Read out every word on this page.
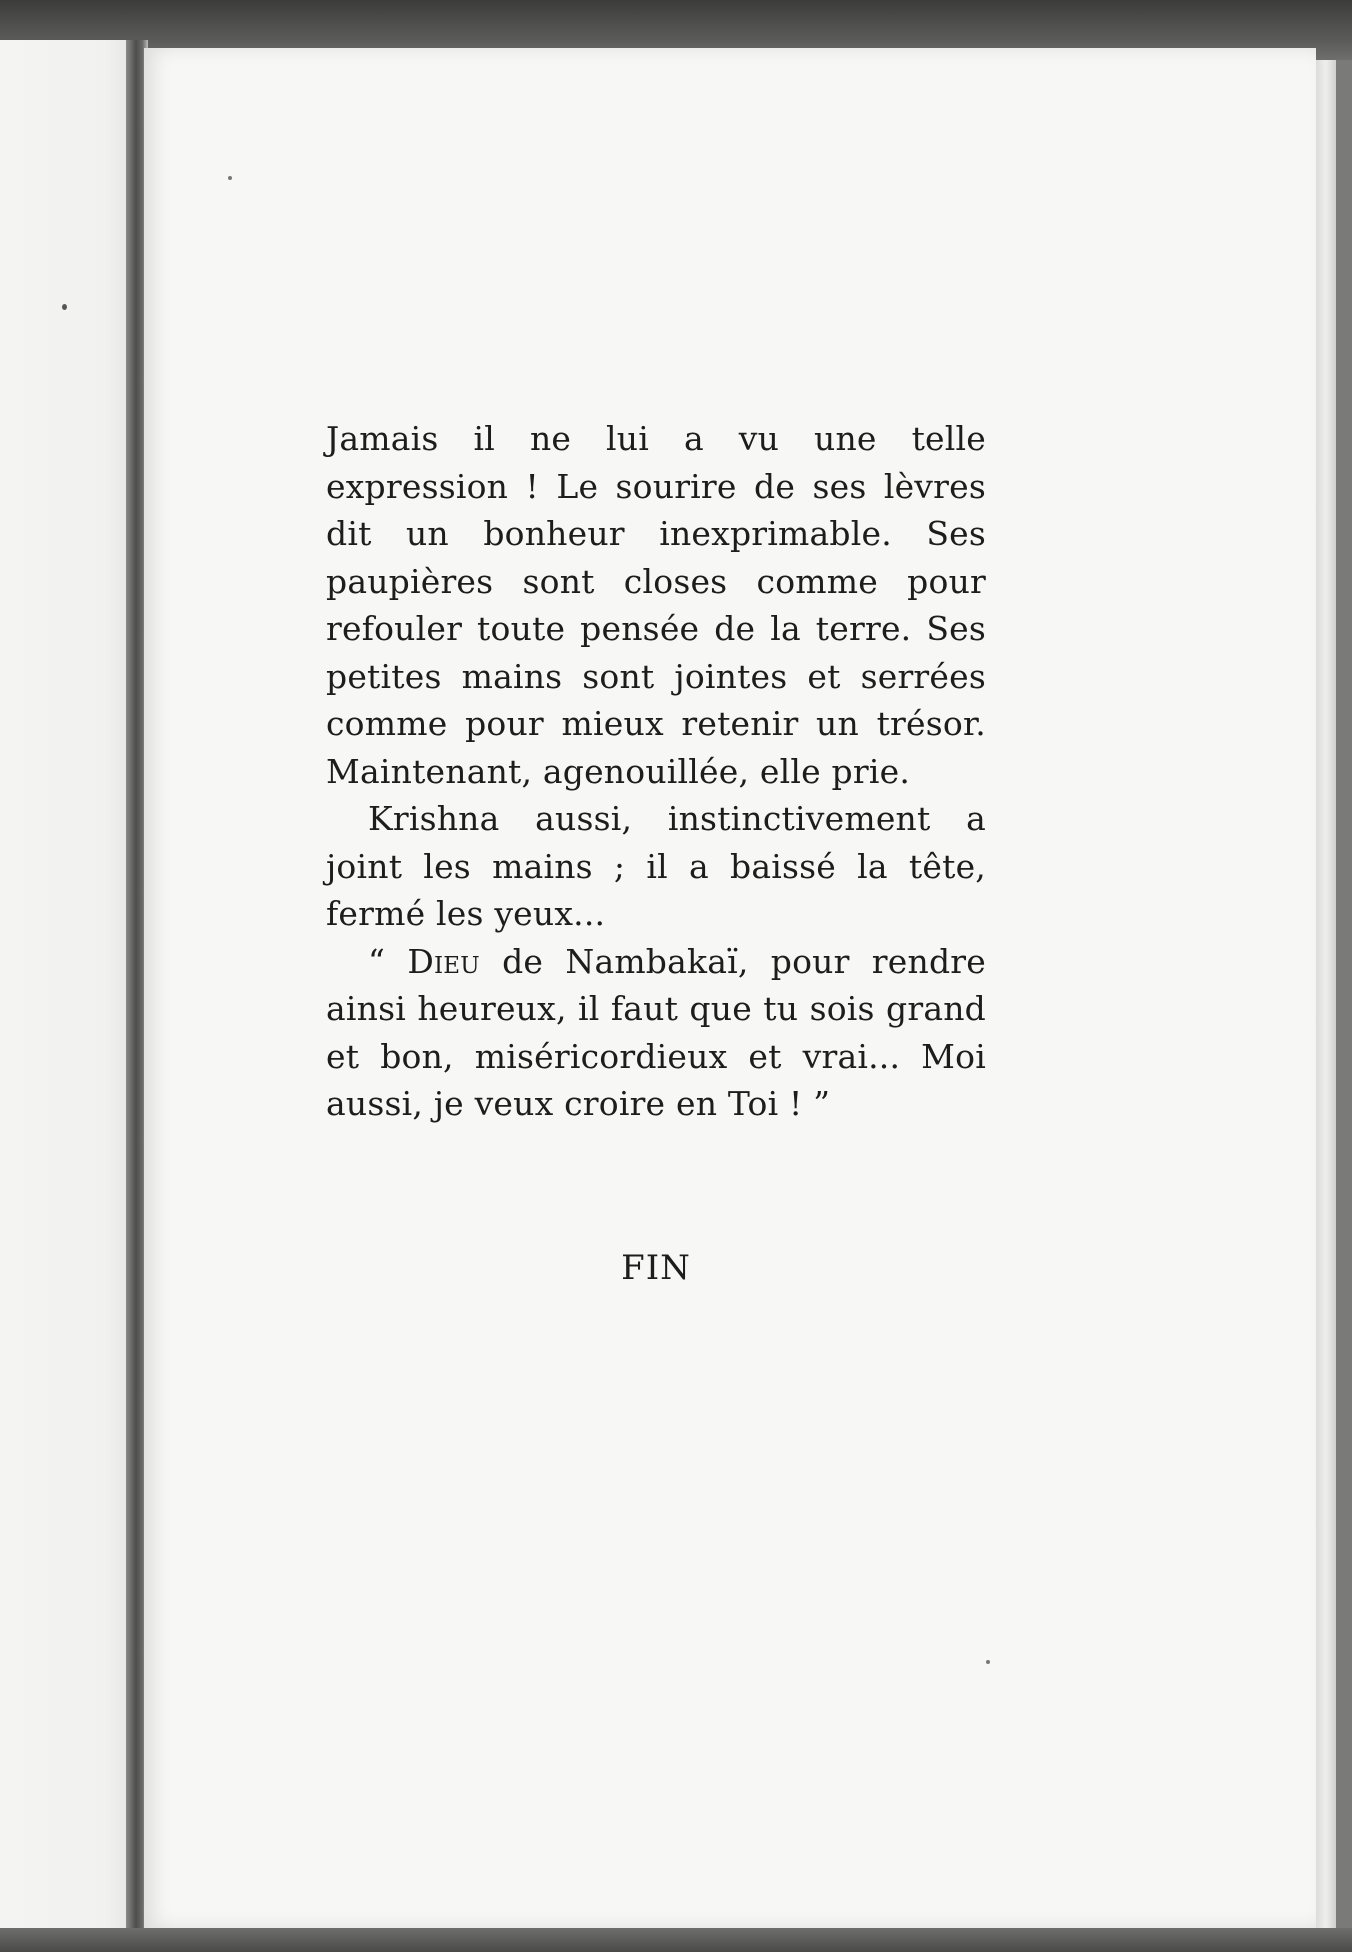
Jamais il ne lui a vu une telle expression ! Le sourire de ses lèvres dit un bonheur inexprimable. Ses paupières sont closes comme pour refouler toute pensée de la terre. Ses petites mains sont jointes et serrées comme pour mieux retenir un trésor. Maintenant, agenouillée, elle prie.

Krishna aussi, instinctivement a joint les mains ; il a baissé la tête, fermé les yeux...

“ Dieu de Nambakaï, pour rendre ainsi heureux, il faut que tu sois grand et bon, miséricordieux et vrai... Moi aussi, je veux croire en Toi ! ”

FIN
